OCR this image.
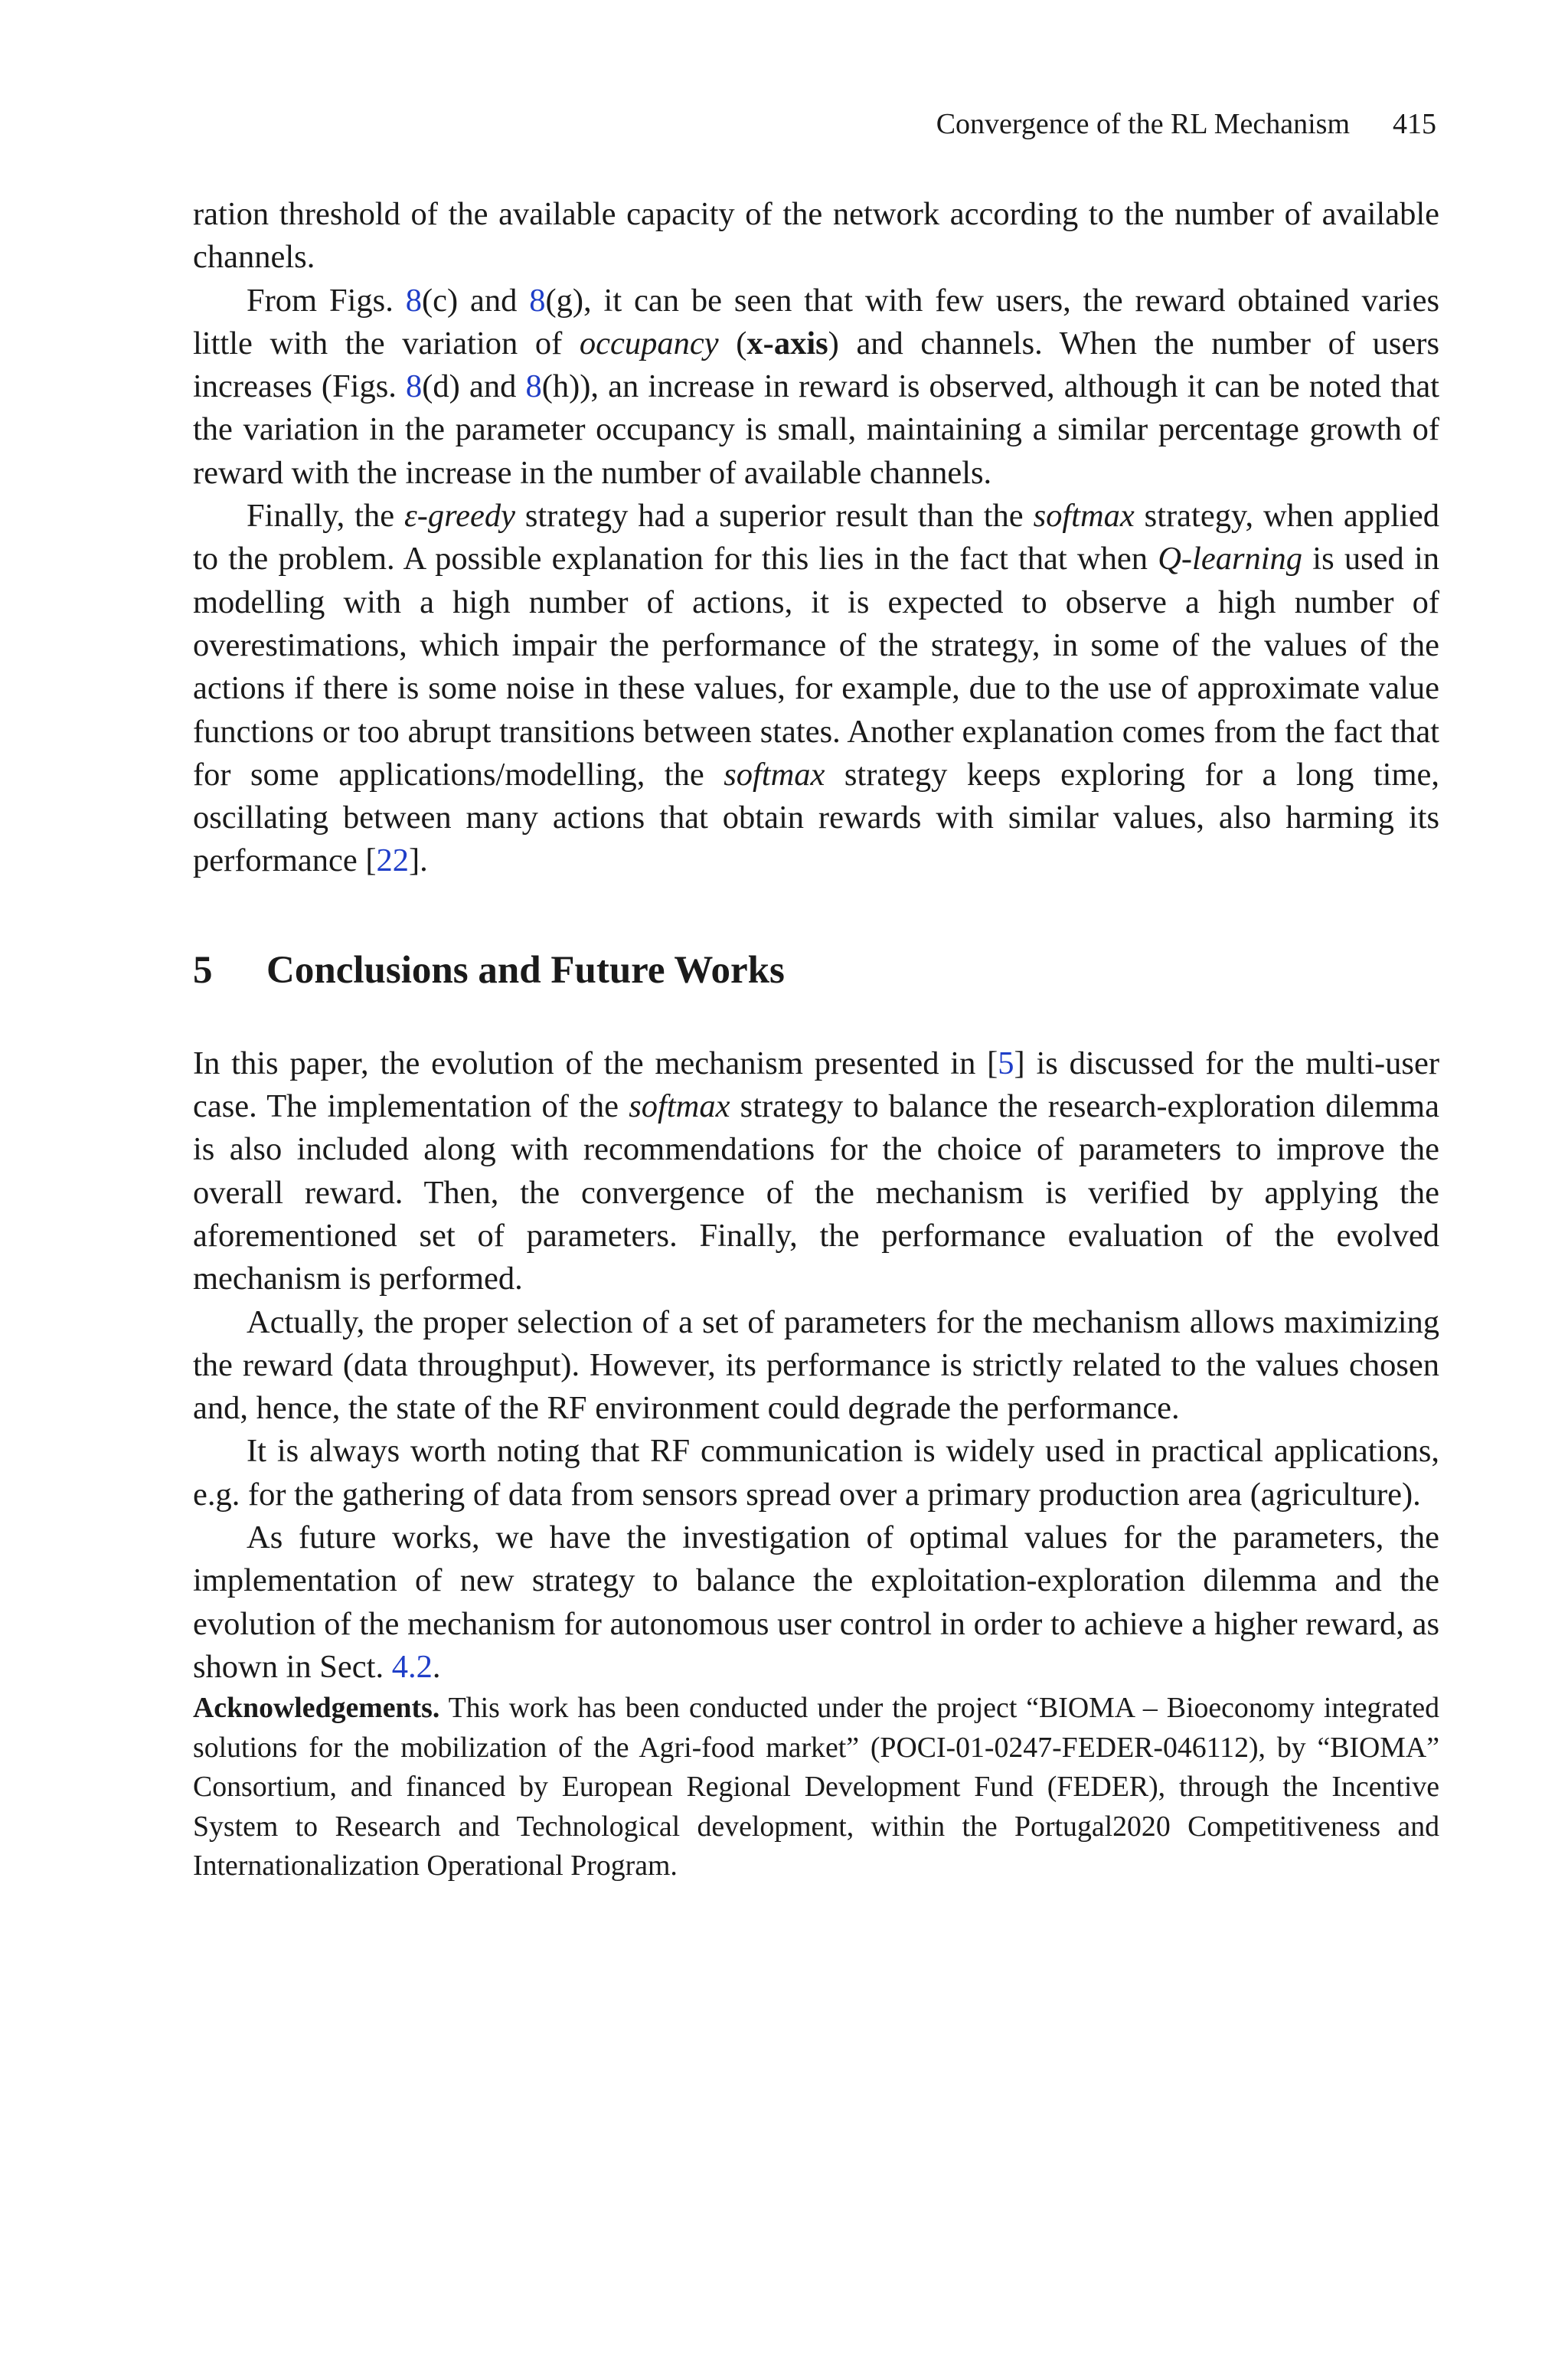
Convergence of the RL Mechanism 415

ration threshold of the available capacity of the network according to the number of available channels.

From Figs. 8(c) and 8(g), it can be seen that with few users, the reward obtained varies little with the variation of occupancy (x-axis) and channels. When the number of users increases (Figs. 8(d) and 8(h)), an increase in reward is observed, although it can be noted that the variation in the parameter occupancy is small, maintaining a similar percentage growth of reward with the increase in the number of available channels.

Finally, the ε-greedy strategy had a superior result than the softmax strategy, when applied to the problem. A possible explanation for this lies in the fact that when Q-learning is used in modelling with a high number of actions, it is expected to observe a high number of overestimations, which impair the performance of the strategy, in some of the values of the actions if there is some noise in these values, for example, due to the use of approximate value functions or too abrupt transitions between states. Another explanation comes from the fact that for some applications/modelling, the softmax strategy keeps exploring for a long time, oscillating between many actions that obtain rewards with similar values, also harming its performance [22].

5 Conclusions and Future Works

In this paper, the evolution of the mechanism presented in [5] is discussed for the multi-user case. The implementation of the softmax strategy to balance the research-exploration dilemma is also included along with recommendations for the choice of parameters to improve the overall reward. Then, the convergence of the mechanism is verified by applying the aforementioned set of parameters. Finally, the performance evaluation of the evolved mechanism is performed.

Actually, the proper selection of a set of parameters for the mechanism allows maximizing the reward (data throughput). However, its performance is strictly related to the values chosen and, hence, the state of the RF environment could degrade the performance.

It is always worth noting that RF communication is widely used in practical applications, e.g. for the gathering of data from sensors spread over a primary production area (agriculture).

As future works, we have the investigation of optimal values for the parameters, the implementation of new strategy to balance the exploitation-exploration dilemma and the evolution of the mechanism for autonomous user control in order to achieve a higher reward, as shown in Sect. 4.2.

Acknowledgements. This work has been conducted under the project “BIOMA – Bioeconomy integrated solutions for the mobilization of the Agri-food market” (POCI-01-0247-FEDER-046112), by “BIOMA” Consortium, and financed by European Regional Development Fund (FEDER), through the Incentive System to Research and Technological development, within the Portugal2020 Competitiveness and Internationalization Operational Program.
